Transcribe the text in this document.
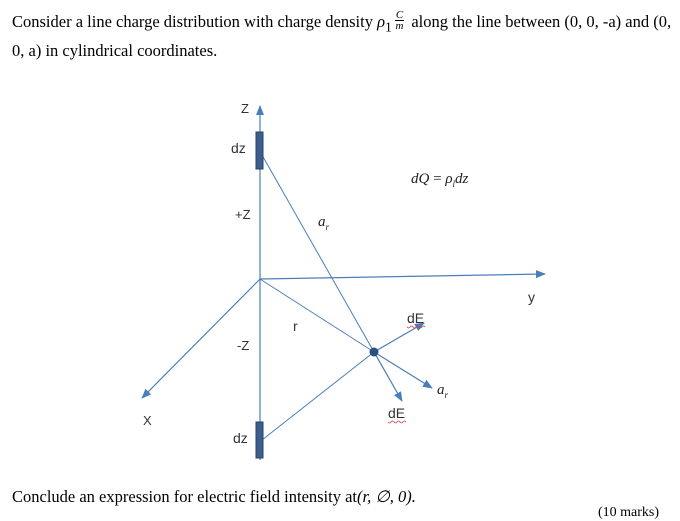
Consider a line charge distribution with charge density $\rho_1 \frac{C}{m}$ along the line between (0, 0, -a) and (0, 0, a) in cylindrical coordinates.
Z
y
X
dz
dz
+Z
-Z
r
$a_r$
$a_r$
dE
dE
dQ = $\rho_ldz$
Conclude an expression for electric field intensity at(r, ∅, 0).
(10 marks)
